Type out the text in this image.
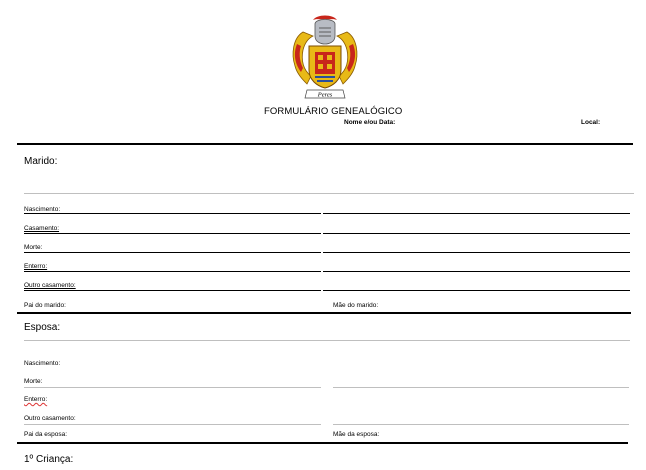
Peres
FORMULÁRIO GENEALÓGICO
Nome e/ou Data:	Local:
Marido:
Nascimento:
Casamento:
Morte:
Enterro:
Outro casamento:
Pai do marido:	Mãe do marido:
Esposa:
Nascimento:
Morte:
Enterro:
Outro casamento:
Pai da esposa:	Mãe da esposa:
1º Criança:
